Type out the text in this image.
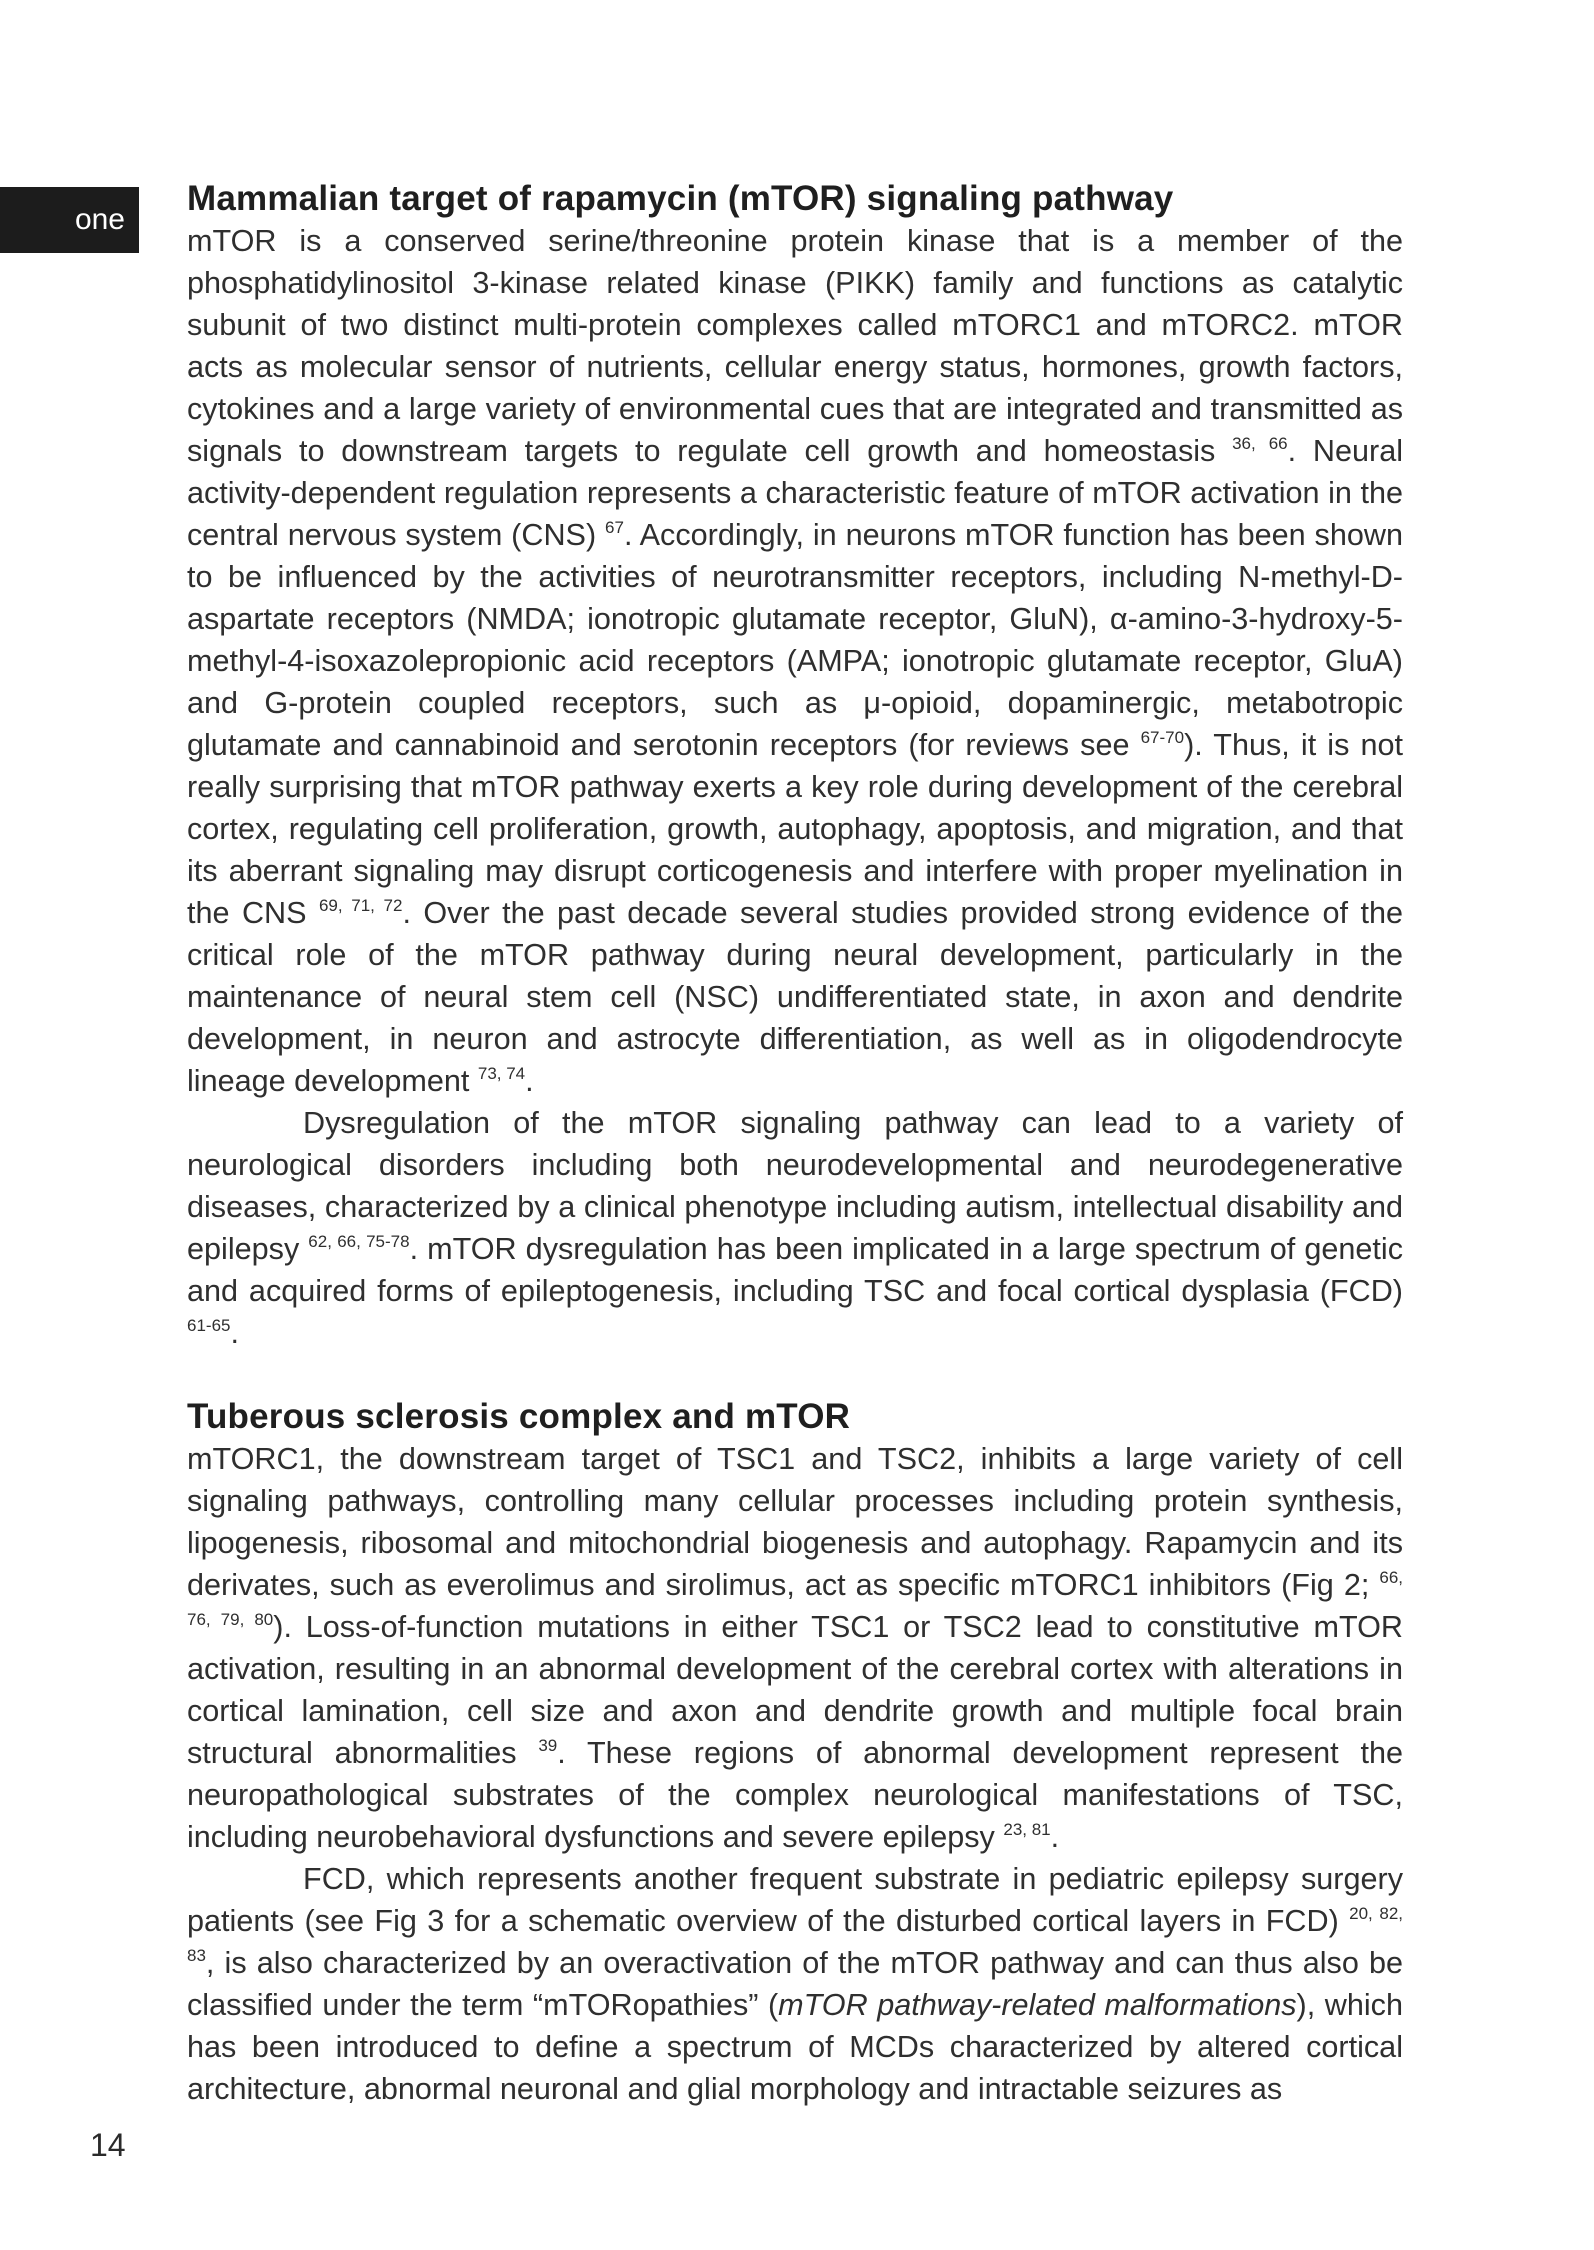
one
Mammalian target of rapamycin (mTOR) signaling pathway

mTOR is a conserved serine/threonine protein kinase that is a member of the phosphatidylinositol 3-kinase related kinase (PIKK) family and functions as catalytic subunit of two distinct multi-protein complexes called mTORC1 and mTORC2. mTOR acts as molecular sensor of nutrients, cellular energy status, hormones, growth factors, cytokines and a large variety of environmental cues that are integrated and transmitted as signals to downstream targets to regulate cell growth and homeostasis $^{36, 66}$. Neural activity-dependent regulation represents a characteristic feature of mTOR activation in the central nervous system (CNS) $^{67}$. Accordingly, in neurons mTOR function has been shown to be influenced by the activities of neurotransmitter receptors, including N-methyl-D-aspartate receptors (NMDA; ionotropic glutamate receptor, GluN), α-amino-3-hydroxy-5-methyl-4-isoxazolepropionic acid receptors (AMPA; ionotropic glutamate receptor, GluA) and G-protein coupled receptors, such as μ-opioid, dopaminergic, metabotropic glutamate and cannabinoid and serotonin receptors (for reviews see $^{67-70}$). Thus, it is not really surprising that mTOR pathway exerts a key role during development of the cerebral cortex, regulating cell proliferation, growth, autophagy, apoptosis, and migration, and that its aberrant signaling may disrupt corticogenesis and interfere with proper myelination in the CNS $^{69, 71, 72}$. Over the past decade several studies provided strong evidence of the critical role of the mTOR pathway during neural development, particularly in the maintenance of neural stem cell (NSC) undifferentiated state, in axon and dendrite development, in neuron and astrocyte differentiation, as well as in oligodendrocyte lineage development $^{73, 74}$.

Dysregulation of the mTOR signaling pathway can lead to a variety of neurological disorders including both neurodevelopmental and neurodegenerative diseases, characterized by a clinical phenotype including autism, intellectual disability and epilepsy $^{62, 66, 75-78}$. mTOR dysregulation has been implicated in a large spectrum of genetic and acquired forms of epileptogenesis, including TSC and focal cortical dysplasia (FCD) $^{61-65}$.

Tuberous sclerosis complex and mTOR

mTORC1, the downstream target of TSC1 and TSC2, inhibits a large variety of cell signaling pathways, controlling many cellular processes including protein synthesis, lipogenesis, ribosomal and mitochondrial biogenesis and autophagy. Rapamycin and its derivates, such as everolimus and sirolimus, act as specific mTORC1 inhibitors (Fig 2; $^{66, 76, 79, 80}$). Loss-of-function mutations in either TSC1 or TSC2 lead to constitutive mTOR activation, resulting in an abnormal development of the cerebral cortex with alterations in cortical lamination, cell size and axon and dendrite growth and multiple focal brain structural abnormalities $^{39}$. These regions of abnormal development represent the neuropathological substrates of the complex neurological manifestations of TSC, including neurobehavioral dysfunctions and severe epilepsy $^{23, 81}$.

FCD, which represents another frequent substrate in pediatric epilepsy surgery patients (see Fig 3 for a schematic overview of the disturbed cortical layers in FCD) $^{20, 82, 83}$, is also characterized by an overactivation of the mTOR pathway and can thus also be classified under the term “mTORopathies” (mTOR pathway-related malformations), which has been introduced to define a spectrum of MCDs characterized by altered cortical architecture, abnormal neuronal and glial morphology and intractable seizures as

14
